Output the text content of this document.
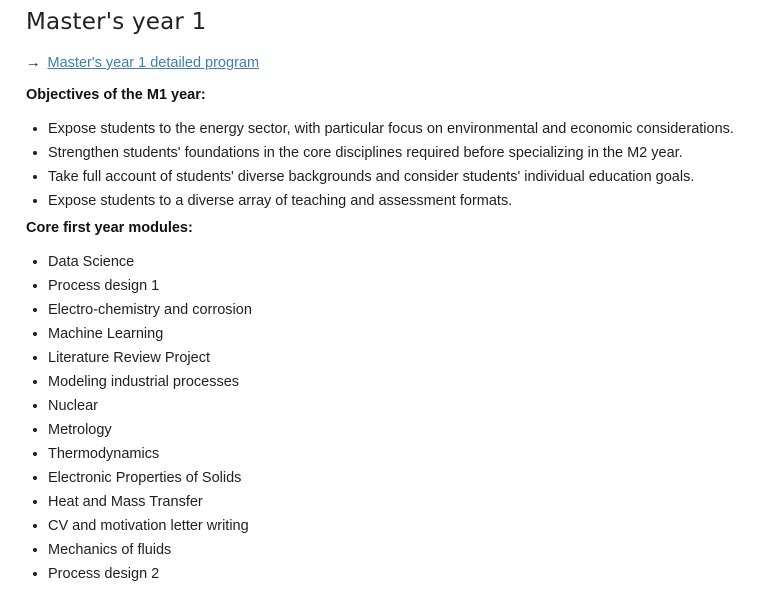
Master's year 1
→ Master's year 1 detailed program
Objectives of the M1 year:
• Expose students to the energy sector, with particular focus on environmental and economic considerations.
• Strengthen students' foundations in the core disciplines required before specializing in the M2 year.
• Take full account of students' diverse backgrounds and consider students' individual education goals.
• Expose students to a diverse array of teaching and assessment formats.
Core first year modules:
• Data Science
• Process design 1
• Electro-chemistry and corrosion
• Machine Learning
• Literature Review Project
• Modeling industrial processes
• Nuclear
• Metrology
• Thermodynamics
• Electronic Properties of Solids
• Heat and Mass Transfer
• CV and motivation letter writing
• Mechanics of fluids
• Process design 2
